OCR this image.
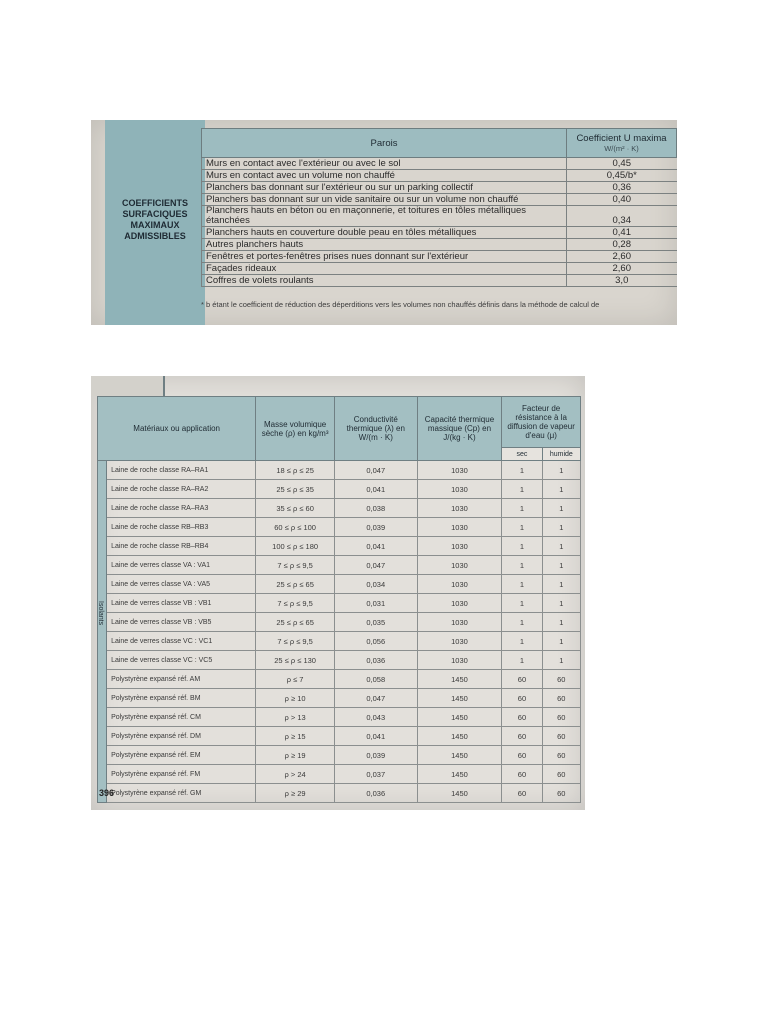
COEFFICIENTS
SURFACIQUES
MAXIMAUX
ADMISSIBLES
Parois	Coefficient U maxima
W/(m² · K)

Murs en contact avec l'extérieur ou avec le sol	0,45
Murs en contact avec un volume non chauffé	0,45/b*
Planchers bas donnant sur l'extérieur ou sur un parking collectif	0,36
Planchers bas donnant sur un vide sanitaire ou sur un volume non chauffé	0,40
Planchers hauts en béton ou en maçonnerie, et toitures en tôles métalliques étanchées	0,34
Planchers hauts en couverture double peau en tôles métalliques	0,41
Autres planchers hauts	0,28
Fenêtres et portes-fenêtres prises nues donnant sur l'extérieur	2,60
Façades rideaux	2,60
Coffres de volets roulants	3,0
* b étant le coefficient de réduction des déperditions vers les volumes non chauffés définis dans la méthode de calcul de
Matériaux ou application		Masse volumique sèche (ρ) en kg/m³	Conductivité thermique (λ) en W/(m · K)	Capacité thermique massique (Cp) en J/(kg · K)	Facteur de résistance à la diffusion de vapeur d'eau (μ)	
					sec	humide

Isolants	Laine de roche classe RA–RA1	18 ≤ ρ ≤ 25	0,047	1030	1	1
	Laine de roche classe RA–RA2	25 ≤ ρ ≤ 35	0,041	1030	1	1
	Laine de roche classe RA–RA3	35 ≤ ρ ≤ 60	0,038	1030	1	1
	Laine de roche classe RB–RB3	60 ≤ ρ ≤ 100	0,039	1030	1	1
	Laine de roche classe RB–RB4	100 ≤ ρ ≤ 180	0,041	1030	1	1
	Laine de verres classe VA : VA1	7 ≤ ρ ≤ 9,5	0,047	1030	1	1
	Laine de verres classe VA : VA5	25 ≤ ρ ≤ 65	0,034	1030	1	1
	Laine de verres classe VB : VB1	7 ≤ ρ ≤ 9,5	0,031	1030	1	1
	Laine de verres classe VB : VB5	25 ≤ ρ ≤ 65	0,035	1030	1	1
	Laine de verres classe VC : VC1	7 ≤ ρ ≤ 9,5	0,056	1030	1	1
	Laine de verres classe VC : VC5	25 ≤ ρ ≤ 130	0,036	1030	1	1
	Polystyrène expansé réf. AM	ρ ≤ 7	0,058	1450	60	60
	Polystyrène expansé réf. BM	ρ ≥ 10	0,047	1450	60	60
	Polystyrène expansé réf. CM	ρ > 13	0,043	1450	60	60
	Polystyrène expansé réf. DM	ρ ≥ 15	0,041	1450	60	60
	Polystyrène expansé réf. EM	ρ ≥ 19	0,039	1450	60	60
	Polystyrène expansé réf. FM	ρ > 24	0,037	1450	60	60
	Polystyrène expansé réf. GM	ρ ≥ 29	0,036	1450	60	60
396
